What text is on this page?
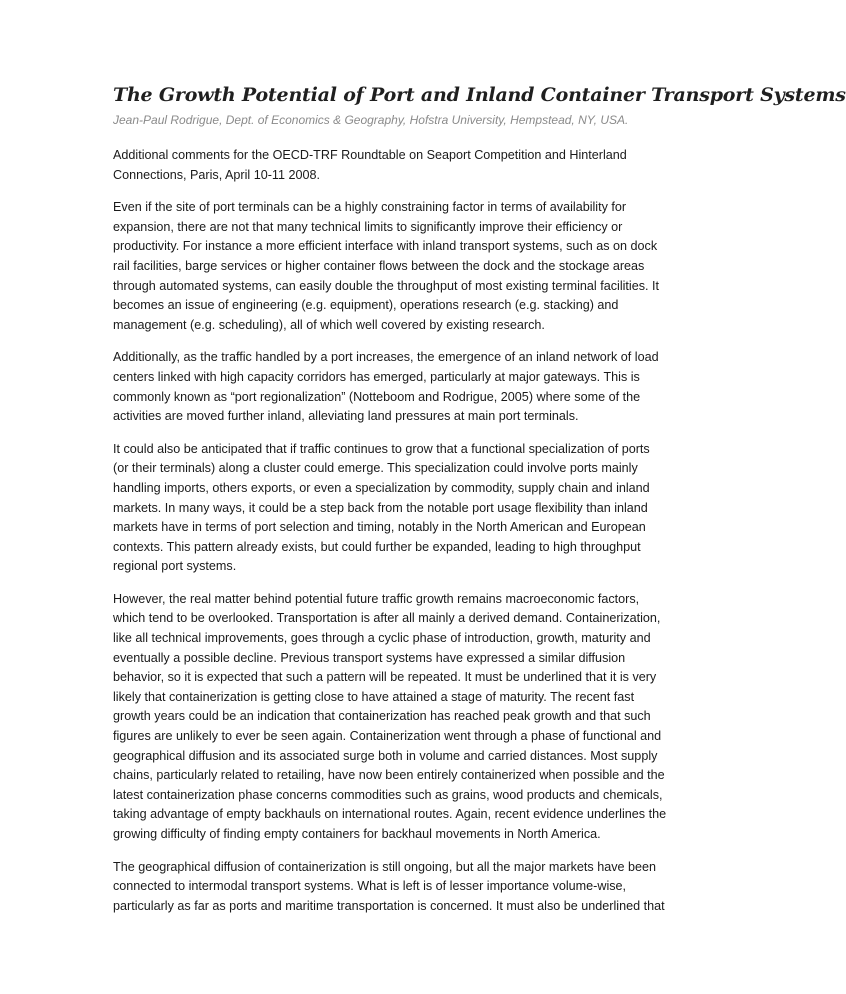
The Growth Potential of Port and Inland Container Transport Systems
Jean-Paul Rodrigue, Dept. of Economics & Geography, Hofstra University, Hempstead, NY, USA.

Additional comments for the OECD-TRF Roundtable on Seaport Competition and Hinterland Connections, Paris, April 10-11 2008.

Even if the site of port terminals can be a highly constraining factor in terms of availability for expansion, there are not that many technical limits to significantly improve their efficiency or productivity. For instance a more efficient interface with inland transport systems, such as on dock rail facilities, barge services or higher container flows between the dock and the stockage areas through automated systems, can easily double the throughput of most existing terminal facilities. It becomes an issue of engineering (e.g. equipment), operations research (e.g. stacking) and management (e.g. scheduling), all of which well covered by existing research.

Additionally, as the traffic handled by a port increases, the emergence of an inland network of load centers linked with high capacity corridors has emerged, particularly at major gateways. This is commonly known as “port regionalization” (Notteboom and Rodrigue, 2005) where some of the activities are moved further inland, alleviating land pressures at main port terminals.

It could also be anticipated that if traffic continues to grow that a functional specialization of ports (or their terminals) along a cluster could emerge. This specialization could involve ports mainly handling imports, others exports, or even a specialization by commodity, supply chain and inland markets. In many ways, it could be a step back from the notable port usage flexibility than inland markets have in terms of port selection and timing, notably in the North American and European contexts. This pattern already exists, but could further be expanded, leading to high throughput regional port systems.

However, the real matter behind potential future traffic growth remains macroeconomic factors, which tend to be overlooked. Transportation is after all mainly a derived demand. Containerization, like all technical improvements, goes through a cyclic phase of introduction, growth, maturity and eventually a possible decline. Previous transport systems have expressed a similar diffusion behavior, so it is expected that such a pattern will be repeated. It must be underlined that it is very likely that containerization is getting close to have attained a stage of maturity. The recent fast growth years could be an indication that containerization has reached peak growth and that such figures are unlikely to ever be seen again. Containerization went through a phase of functional and geographical diffusion and its associated surge both in volume and carried distances. Most supply chains, particularly related to retailing, have now been entirely containerized when possible and the latest containerization phase concerns commodities such as grains, wood products and chemicals, taking advantage of empty backhauls on international routes. Again, recent evidence underlines the growing difficulty of finding empty containers for backhaul movements in North America.

The geographical diffusion of containerization is still ongoing, but all the major markets have been connected to intermodal transport systems. What is left is of lesser importance volume-wise, particularly as far as ports and maritime transportation is concerned. It must also be underlined that
